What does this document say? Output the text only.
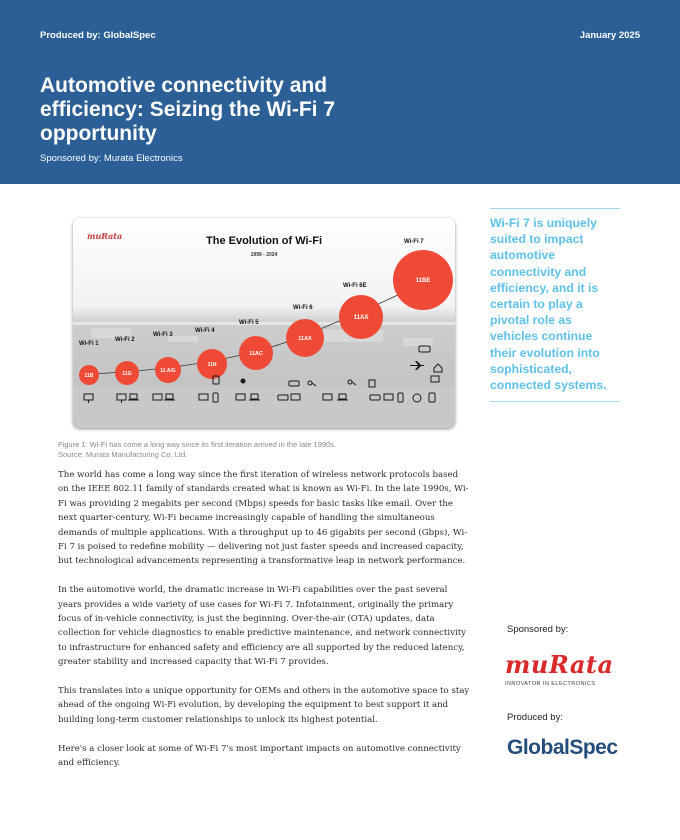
Produced by: GlobalSpec	January 2025
Automotive connectivity and efficiency: Seizing the Wi-Fi 7 opportunity
Sponsored by: Murata Electronics
muRata	The Evolution of Wi-Fi
1999 - 2024
Wi-Fi 1
Wi-Fi 2
Wi-Fi 3
Wi-Fi 4
Wi-Fi 5
Wi-Fi 6
Wi-Fi 6E
Wi-Fi 7
11B	11G	11 A/G
11N
11AC
11AX
11AX
11BE
Figure 1: Wi-Fi has come a long way since its first iteration arrived in the late 1990s.
Source: Murata Manufacturing Co. Ltd.

The world has come a long way since the first iteration of wireless network protocols based on the IEEE 802.11 family of standards created what is known as Wi-Fi. In the late 1990s, Wi-Fi was providing 2 megabits per second (Mbps) speeds for basic tasks like email. Over the next quarter-century, Wi-Fi became increasingly capable of handling the simultaneous demands of multiple applications. With a throughput up to 46 gigabits per second (Gbps), Wi-Fi 7 is poised to redefine mobility — delivering not just faster speeds and increased capacity, but technological advancements representing a transformative leap in network performance.

In the automotive world, the dramatic increase in Wi-Fi capabilities over the past several years provides a wide variety of use cases for Wi-Fi 7. Infotainment, originally the primary focus of in-vehicle connectivity, is just the beginning. Over-the-air (OTA) updates, data collection for vehicle diagnostics to enable predictive maintenance, and network connectivity to infrastructure for enhanced safety and efficiency are all supported by the reduced latency, greater stability and increased capacity that Wi-Fi 7 provides.

This translates into a unique opportunity for OEMs and others in the automotive space to stay ahead of the ongoing Wi-Fi evolution, by developing the equipment to best support it and building long-term customer relationships to unlock its highest potential.

Here's a closer look at some of Wi-Fi 7's most important impacts on automotive connectivity and efficiency.

Wi-Fi 7 is uniquely suited to impact automotive connectivity and efficiency, and it is certain to play a pivotal role as vehicles continue their evolution into sophisticated, connected systems.
Sponsored by:
muRata
INNOVATOR IN ELECTRONICS
Produced by:
GlobalSpec
